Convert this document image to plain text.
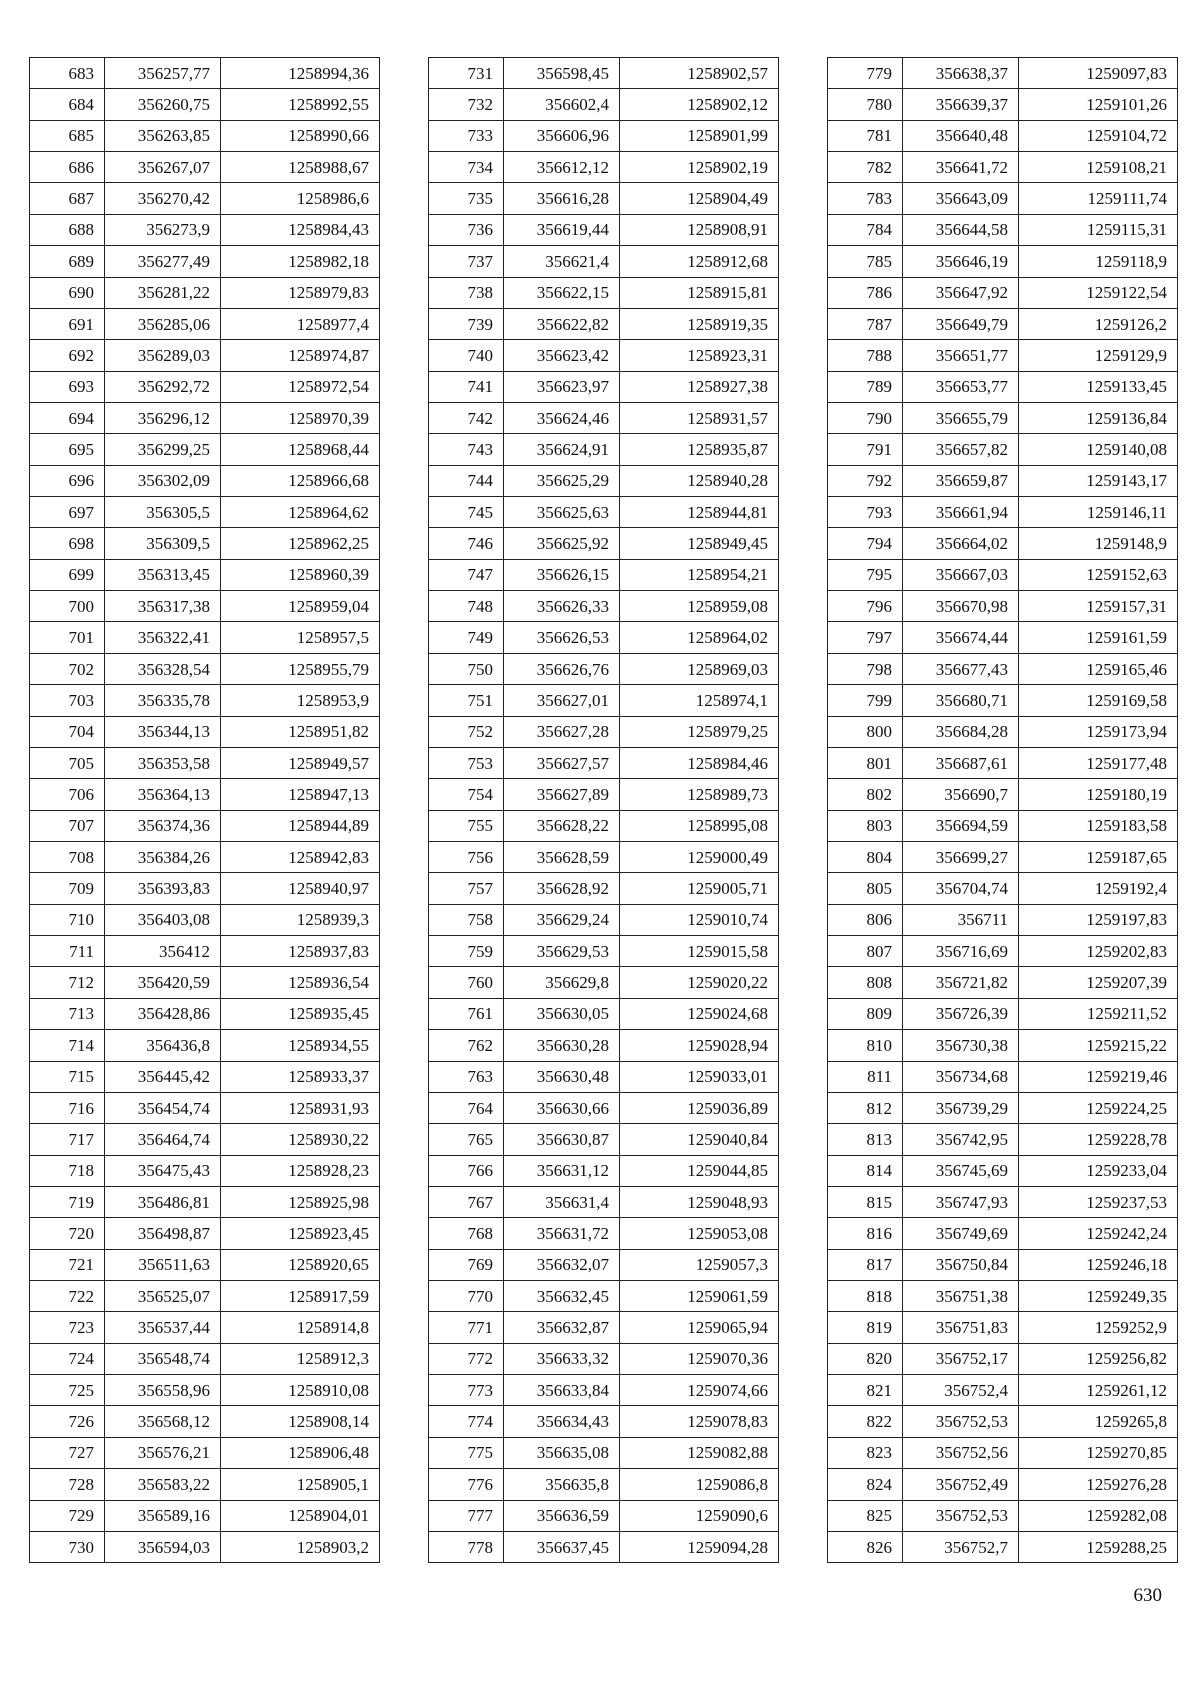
683	356257,77	1258994,36
684	356260,75	1258992,55
685	356263,85	1258990,66
686	356267,07	1258988,67
687	356270,42	1258986,6
688	356273,9	1258984,43
689	356277,49	1258982,18
690	356281,22	1258979,83
691	356285,06	1258977,4
692	356289,03	1258974,87
693	356292,72	1258972,54
694	356296,12	1258970,39
695	356299,25	1258968,44
696	356302,09	1258966,68
697	356305,5	1258964,62
698	356309,5	1258962,25
699	356313,45	1258960,39
700	356317,38	1258959,04
701	356322,41	1258957,5
702	356328,54	1258955,79
703	356335,78	1258953,9
704	356344,13	1258951,82
705	356353,58	1258949,57
706	356364,13	1258947,13
707	356374,36	1258944,89
708	356384,26	1258942,83
709	356393,83	1258940,97
710	356403,08	1258939,3
711	356412	1258937,83
712	356420,59	1258936,54
713	356428,86	1258935,45
714	356436,8	1258934,55
715	356445,42	1258933,37
716	356454,74	1258931,93
717	356464,74	1258930,22
718	356475,43	1258928,23
719	356486,81	1258925,98
720	356498,87	1258923,45
721	356511,63	1258920,65
722	356525,07	1258917,59
723	356537,44	1258914,8
724	356548,74	1258912,3
725	356558,96	1258910,08
726	356568,12	1258908,14
727	356576,21	1258906,48
728	356583,22	1258905,1
729	356589,16	1258904,01
730	356594,03	1258903,2
731	356598,45	1258902,57
732	356602,4	1258902,12
733	356606,96	1258901,99
734	356612,12	1258902,19
735	356616,28	1258904,49
736	356619,44	1258908,91
737	356621,4	1258912,68
738	356622,15	1258915,81
739	356622,82	1258919,35
740	356623,42	1258923,31
741	356623,97	1258927,38
742	356624,46	1258931,57
743	356624,91	1258935,87
744	356625,29	1258940,28
745	356625,63	1258944,81
746	356625,92	1258949,45
747	356626,15	1258954,21
748	356626,33	1258959,08
749	356626,53	1258964,02
750	356626,76	1258969,03
751	356627,01	1258974,1
752	356627,28	1258979,25
753	356627,57	1258984,46
754	356627,89	1258989,73
755	356628,22	1258995,08
756	356628,59	1259000,49
757	356628,92	1259005,71
758	356629,24	1259010,74
759	356629,53	1259015,58
760	356629,8	1259020,22
761	356630,05	1259024,68
762	356630,28	1259028,94
763	356630,48	1259033,01
764	356630,66	1259036,89
765	356630,87	1259040,84
766	356631,12	1259044,85
767	356631,4	1259048,93
768	356631,72	1259053,08
769	356632,07	1259057,3
770	356632,45	1259061,59
771	356632,87	1259065,94
772	356633,32	1259070,36
773	356633,84	1259074,66
774	356634,43	1259078,83
775	356635,08	1259082,88
776	356635,8	1259086,8
777	356636,59	1259090,6
778	356637,45	1259094,28
779	356638,37	1259097,83
780	356639,37	1259101,26
781	356640,48	1259104,72
782	356641,72	1259108,21
783	356643,09	1259111,74
784	356644,58	1259115,31
785	356646,19	1259118,9
786	356647,92	1259122,54
787	356649,79	1259126,2
788	356651,77	1259129,9
789	356653,77	1259133,45
790	356655,79	1259136,84
791	356657,82	1259140,08
792	356659,87	1259143,17
793	356661,94	1259146,11
794	356664,02	1259148,9
795	356667,03	1259152,63
796	356670,98	1259157,31
797	356674,44	1259161,59
798	356677,43	1259165,46
799	356680,71	1259169,58
800	356684,28	1259173,94
801	356687,61	1259177,48
802	356690,7	1259180,19
803	356694,59	1259183,58
804	356699,27	1259187,65
805	356704,74	1259192,4
806	356711	1259197,83
807	356716,69	1259202,83
808	356721,82	1259207,39
809	356726,39	1259211,52
810	356730,38	1259215,22
811	356734,68	1259219,46
812	356739,29	1259224,25
813	356742,95	1259228,78
814	356745,69	1259233,04
815	356747,93	1259237,53
816	356749,69	1259242,24
817	356750,84	1259246,18
818	356751,38	1259249,35
819	356751,83	1259252,9
820	356752,17	1259256,82
821	356752,4	1259261,12
822	356752,53	1259265,8
823	356752,56	1259270,85
824	356752,49	1259276,28
825	356752,53	1259282,08
826	356752,7	1259288,25
630
